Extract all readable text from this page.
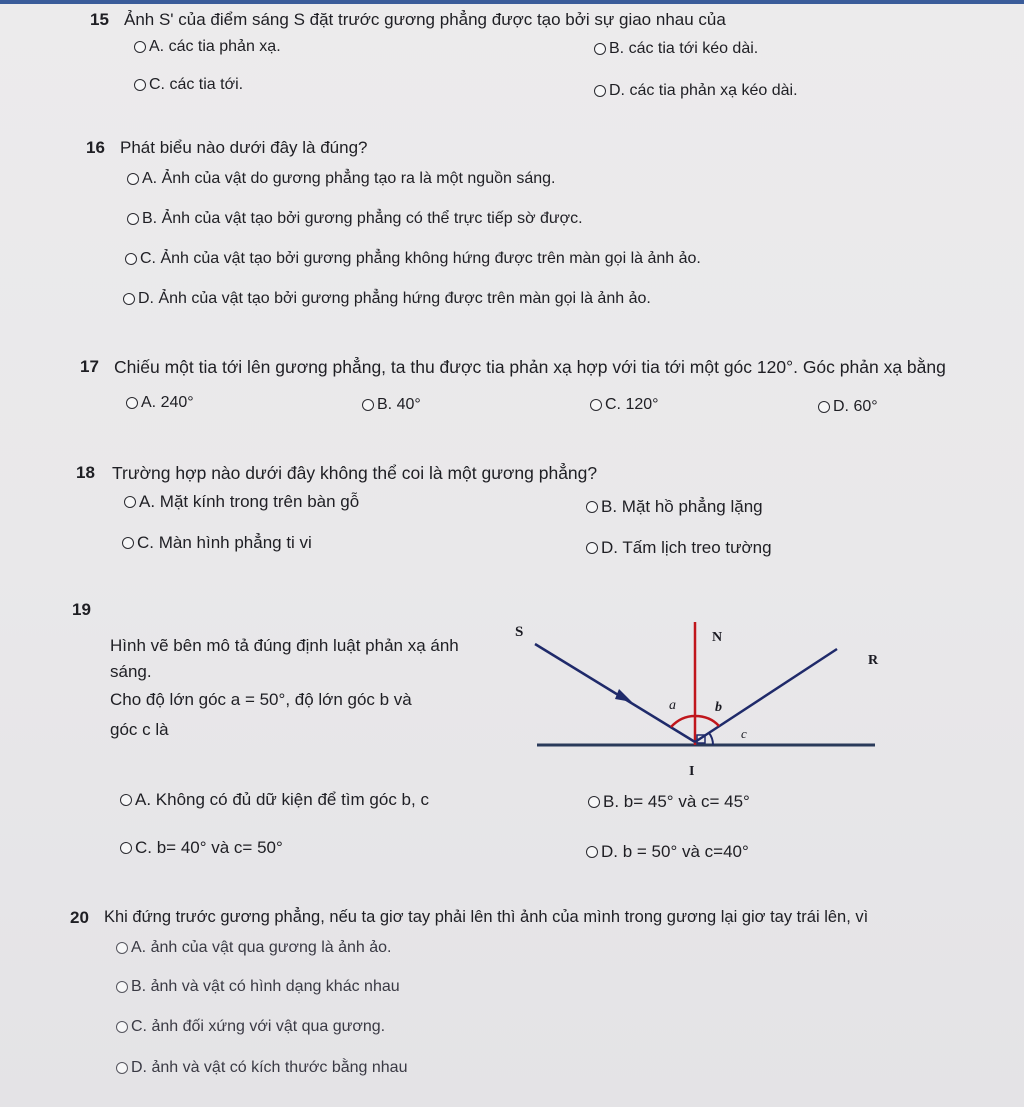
15 Ảnh S' của điểm sáng S đặt trước gương phẳng được tạo bởi sự giao nhau của
A. các tia phản xạ.	B. các tia tới kéo dài.
C. các tia tới.	D. các tia phản xạ kéo dài.
16 Phát biểu nào dưới đây là đúng?
A. Ảnh của vật do gương phẳng tạo ra là một nguồn sáng.
B. Ảnh của vật tạo bởi gương phẳng có thể trực tiếp sờ được.
C. Ảnh của vật tạo bởi gương phẳng không hứng được trên màn gọi là ảnh ảo.
D. Ảnh của vật tạo bởi gương phẳng hứng được trên màn gọi là ảnh ảo.
17 Chiếu một tia tới lên gương phẳng, ta thu được tia phản xạ hợp với tia tới một góc 120°. Góc phản xạ bằng
A. 240°	B. 40°	C. 120°	D. 60°
18 Trường hợp nào dưới đây không thể coi là một gương phẳng?
A. Mặt kính trong trên bàn gỗ	B. Mặt hồ phẳng lặng
C. Màn hình phẳng ti vi	D. Tấm lịch treo tường
19
Hình vẽ bên mô tả đúng định luật phản xạ ánh
sáng.
Cho độ lớn góc a = 50°, độ lớn góc b và
góc c là
S	N
R
a	b
c
I
A. Không có đủ dữ kiện để tìm góc b, c	B. b= 45° và c= 45°
C. b= 40° và c= 50°	D. b = 50° và c=40°
20 Khi đứng trước gương phẳng, nếu ta giơ tay phải lên thì ảnh của mình trong gương lại giơ tay trái lên, vì
A. ảnh của vật qua gương là ảnh ảo.
B. ảnh và vật có hình dạng khác nhau
C. ảnh đối xứng với vật qua gương.
D. ảnh và vật có kích thước bằng nhau
